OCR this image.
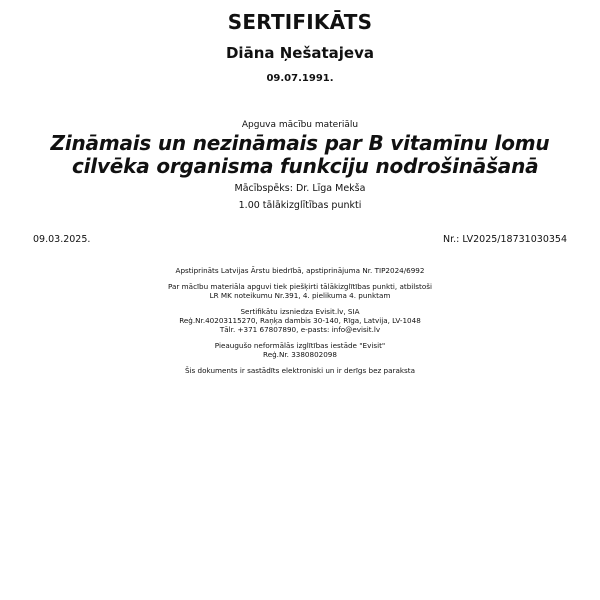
SERTIFIKĀTS
Diāna Ņešatajeva
09.07.1991.
Apguva mācību materiālu
Zināmais un nezināmais par B vitamīnu lomu
cilvēka organisma funkciju nodrošināšanā
Mācībspēks: Dr. Līga Mekša
1.00 tālākizglītības punkti
09.03.2025.	Nr.: LV2025/18731030354

Apstiprināts Latvijas Ārstu biedrībā, apstiprinājuma Nr. TIP2024/6992

Par mācību materiāla apguvi tiek piešķirti tālākizglītības punkti, atbilstoši
LR MK noteikumu Nr.391, 4. pielikuma 4. punktam

Sertifikātu izsniedza Evisit.lv, SIA
Reģ.Nr.40203115270, Raņķa dambis 30-140, Rīga, Latvija, LV-1048
Tālr. +371 67807890, e-pasts: info@evisit.lv

Pieaugušo neformālās izglītības iestāde "Evisit"
Reģ.Nr. 3380802098

Šis dokuments ir sastādīts elektroniski un ir derīgs bez paraksta
